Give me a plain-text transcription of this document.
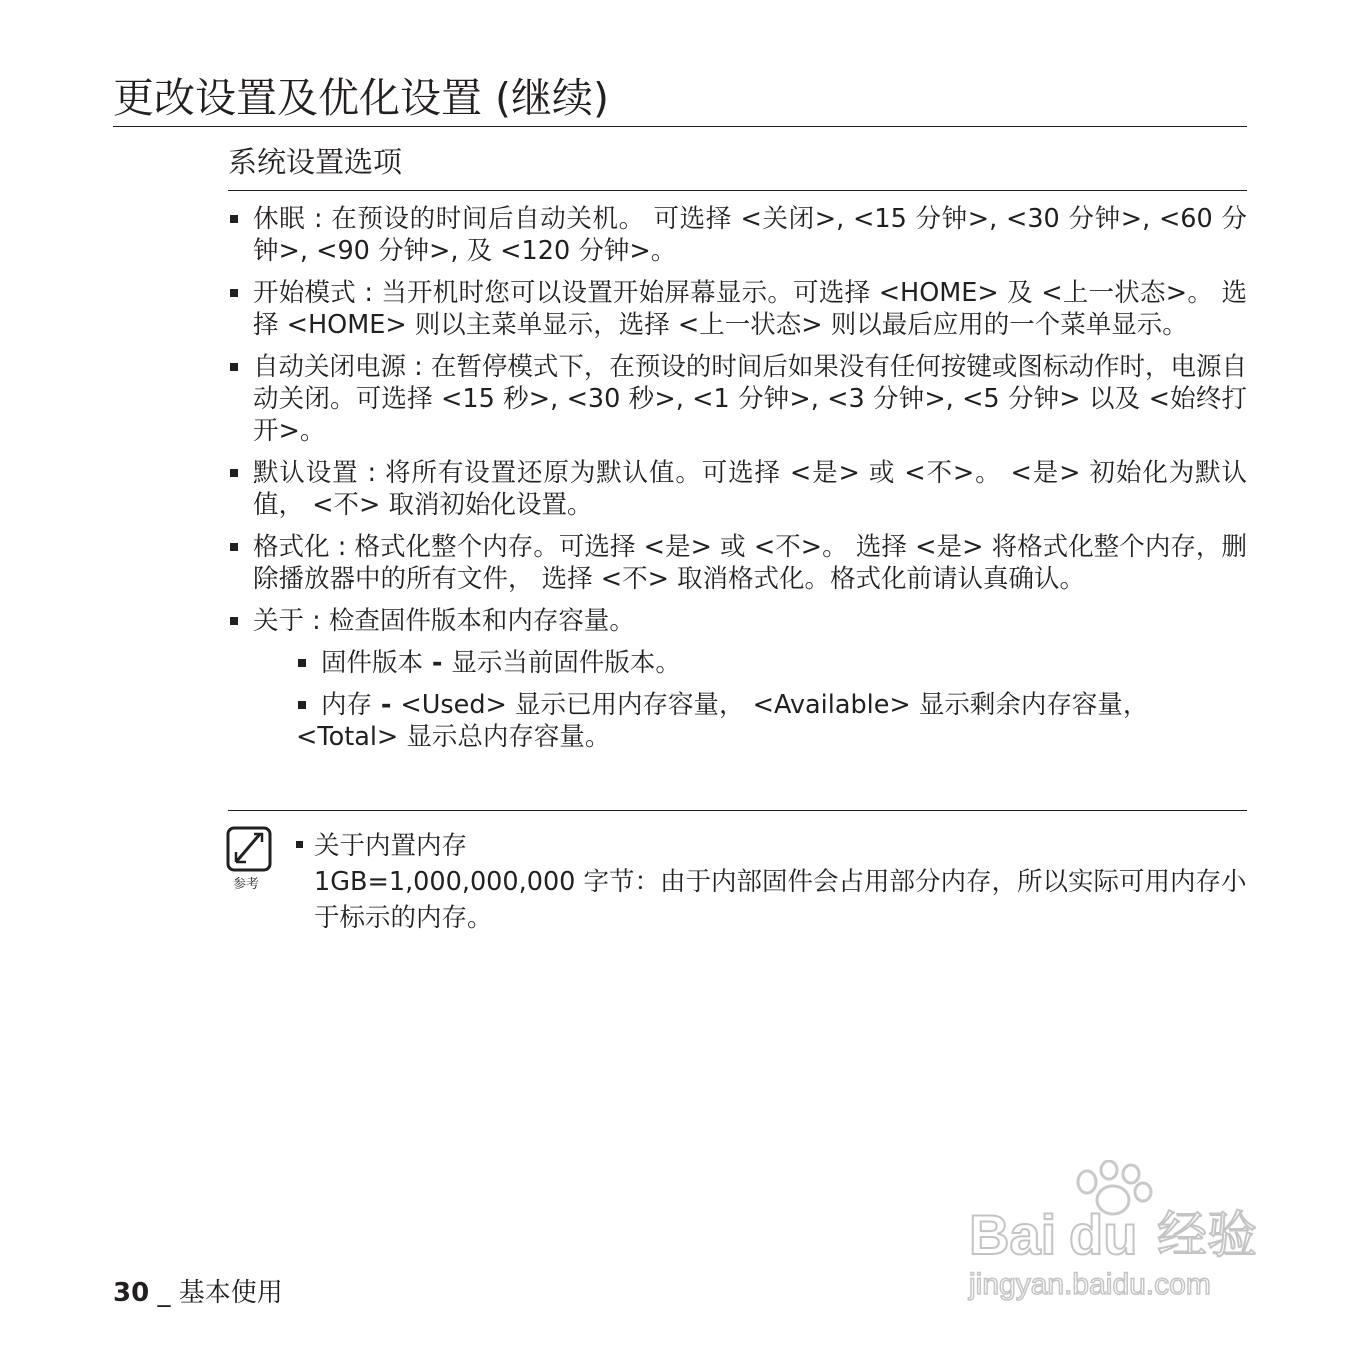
更改设置及优化设置 (继续)
系统设置选项
休眠 : 在预设的时间后自动关机。 可选择 <关闭>, <15 分钟>, <30 分钟>, <60 分钟>, <90 分钟>, 及 <120 分钟>。
开始模式 : 当开机时您可以设置开始屏幕显示。可选择 <HOME> 及 <上一状态>。 选择 <HOME> 则以主菜单显示，选择 <上一状态> 则以最后应用的一个菜单显示。
自动关闭电源 : 在暂停模式下，在预设的时间后如果没有任何按键或图标动作时，电源自动关闭。可选择 <15 秒>, <30 秒>, <1 分钟>, <3 分钟>, <5 分钟> 以及 <始终打开>。
默认设置 : 将所有设置还原为默认值。可选择 <是> 或 <不>。 <是> 初始化为默认值， <不> 取消初始化设置。
格式化 : 格式化整个内存。可选择 <是> 或 <不>。 选择 <是> 将格式化整个内存，删除播放器中的所有文件， 选择 <不> 取消格式化。格式化前请认真确认。
关于 : 检查固件版本和内存容量。
固件版本 - 显示当前固件版本。
内存 - <Used> 显示已用内存容量， <Available> 显示剩余内存容量，<Total> 显示总内存容量。
参考
关于内置内存
1GB=1,000,000,000 字节：由于内部固件会占用部分内存，所以实际可用内存小于标示的内存。
30 _ 基本使用
Bai du 经验
jingyan.baidu.com
